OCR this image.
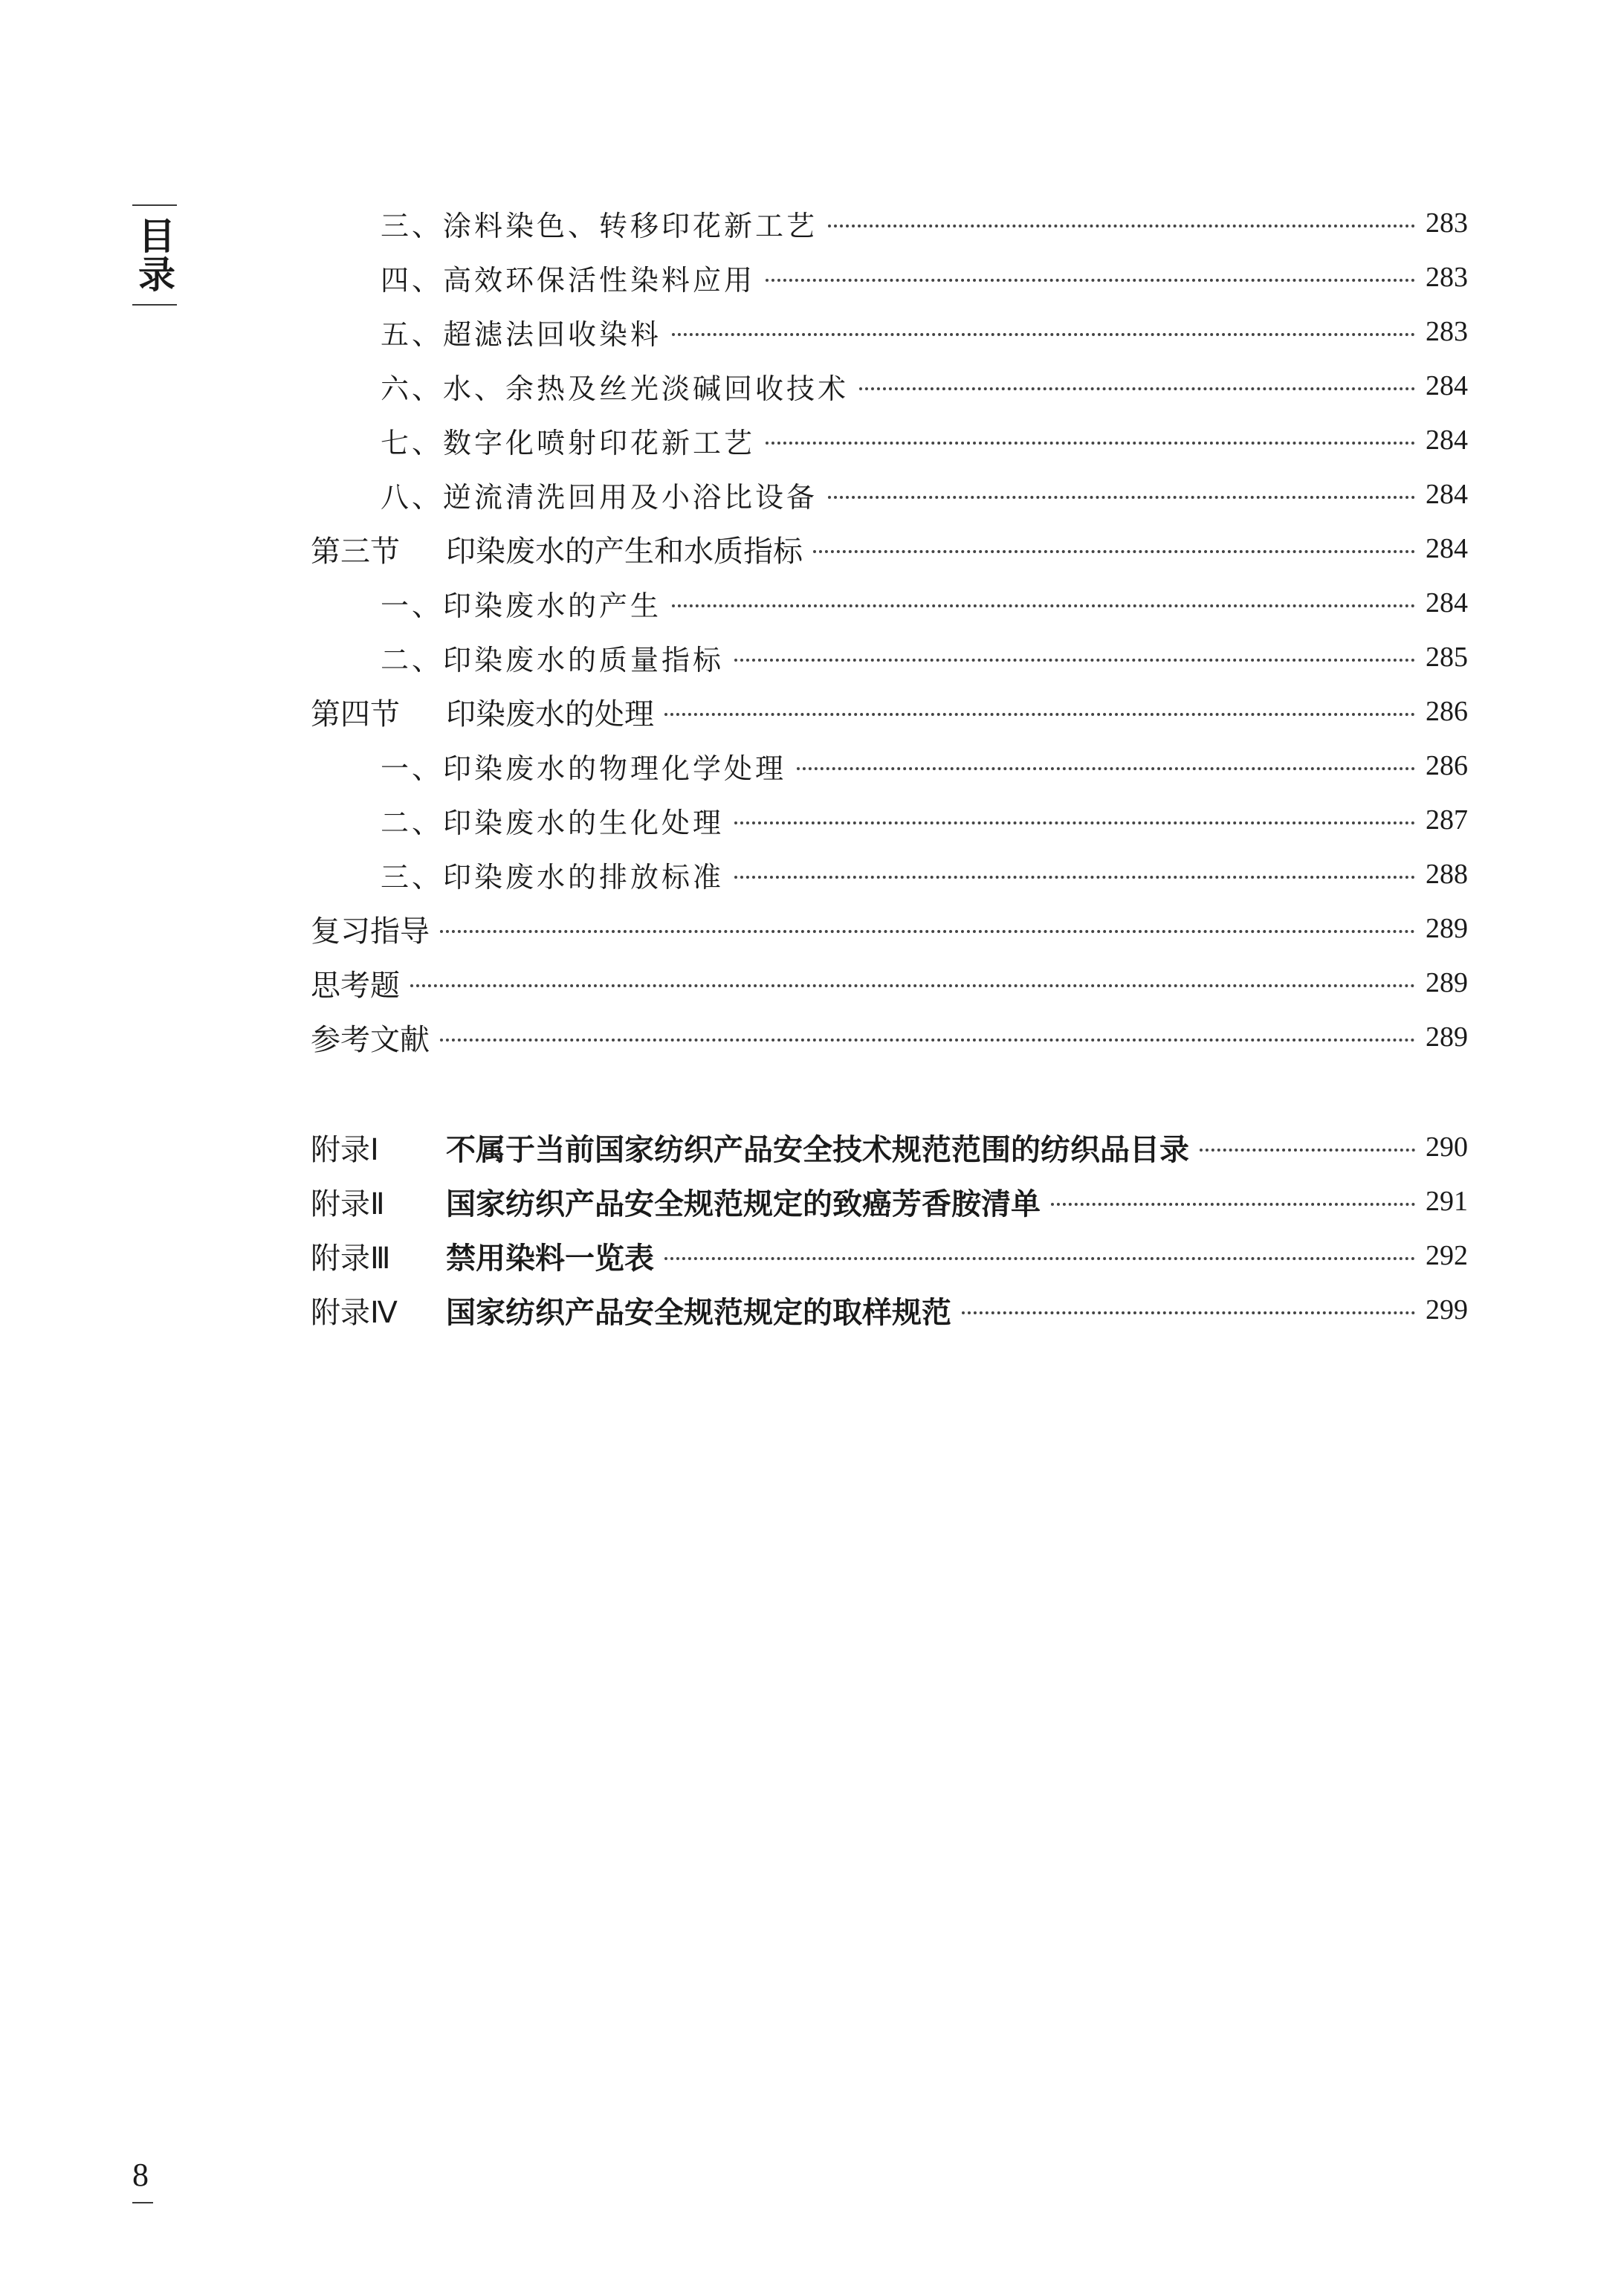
目录	三、 涂料染色、转移印花新工艺	283
四、 高效环保活性染料应用	283
五、 超滤法回收染料	283
六、 水、余热及丝光淡碱回收技术	284
七、 数字化喷射印花新工艺	284
八、 逆流清洗回用及小浴比设备	284
第三节	印染废水的产生和水质指标	284
一、 印染废水的产生	284
二、 印染废水的质量指标	285
第四节	印染废水的处理	286
一、 印染废水的物理化学处理	286
二、 印染废水的生化处理	287
三、 印染废水的排放标准	288
复习指导	289
思考题	289
参考文献	289
附录Ⅰ	不属于当前国家纺织产品安全技术规范范围的纺织品目录	290
附录Ⅱ	国家纺织产品安全规范规定的致癌芳香胺清单	291
附录Ⅲ	禁用染料一览表	292
附录Ⅳ	国家纺织产品安全规范规定的取样规范	299
8
